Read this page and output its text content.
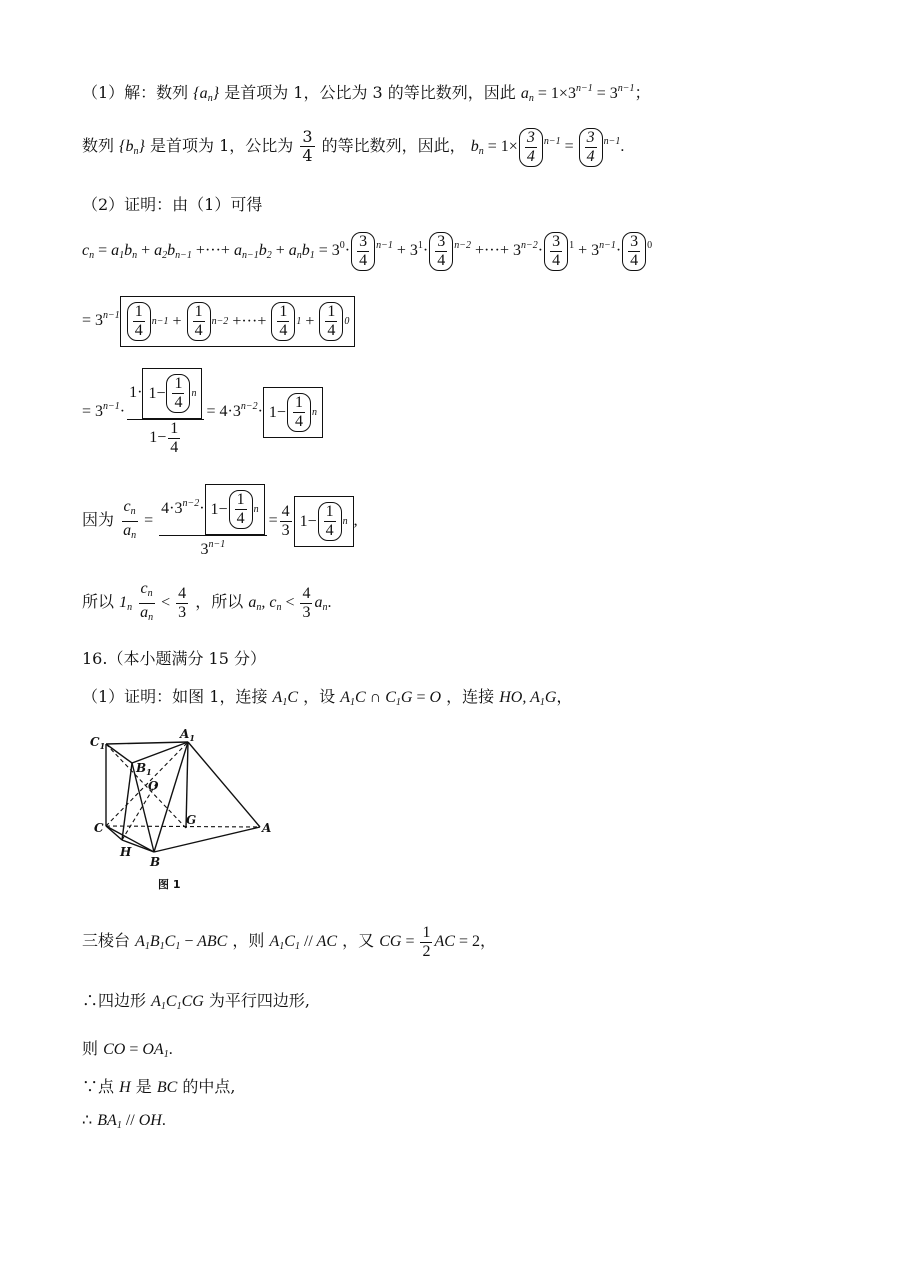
（1）解：数列 $\{a_n\}$ 是首项为 1，公比为 3 的等比数列，因此 $a_n = 1\times 3^{n-1} = 3^{n-1}$；
数列 $\{b_n\}$ 是首项为 1，公比为 $\frac{3}{4}$ 的等比数列，因此， $b_n = 1\times \frac{3}{4} ^{n-1} = \frac{3}{4} ^{n-1}$.
（2）证明：由（1）可得
$c_n = a_1b_n + a_2b_{n-1}$ +···+ $a_{n-1}b_2 + a_nb_1 = 3^0\cdot \frac{3}{4} ^{n-1} + 3^1\cdot \frac{3}{4} ^{n-2}$ +···+ $3^{n-2}\cdot \frac{3}{4} ^1 + 3^{n-1}\cdot \frac{3}{4} ^0$
= $3^{n-1} \frac{1}{4} n-1 + \frac{1}{4} n-2$ +···+ $\frac{1}{4} 1 + \frac{1}{4} 0$
= $3^{n-1}\cdot \frac{1\cdot 1- \frac{1}{4} n}{1- \frac{1}{4}} = 4\cdot 3^{n-2}\cdot 1- \frac{1}{4}$ n
因为 $\frac{c_n}{a_n} = \frac{4\cdot 3^{n-2}\cdot 1- \frac{1}{4} n}{3^{n-1}} = \frac{4}{3} 1- \frac{1}{4}$ n ,
所以 $1_n \frac{c_n}{a_n} < \frac{4}{3}$ ，所以 $a_n$, $c_n < \frac{4}{3} a_n$.
16.（本小题满分 15 分）
（1）证明：如图 1，连接 $A_1C$ ，设 $A_1C$ ∩ $C_1G = O$ ，连接 HO, $A_1G$，
$C_1$
$A_1$
$B_1$
O
C
G
A
H
B
图 1
三棱台 $A_1B_1C_1$ − ABC ，则 $A_1C_1$ // AC ，又 CG = $\frac{1}{2}$ AC = 2，
∴四边形 $A_1C_1CG$ 为平行四边形,
则 CO = $OA_1$.
∵点 H 是 BC 的中点,
∴ $BA_1$ // OH.
